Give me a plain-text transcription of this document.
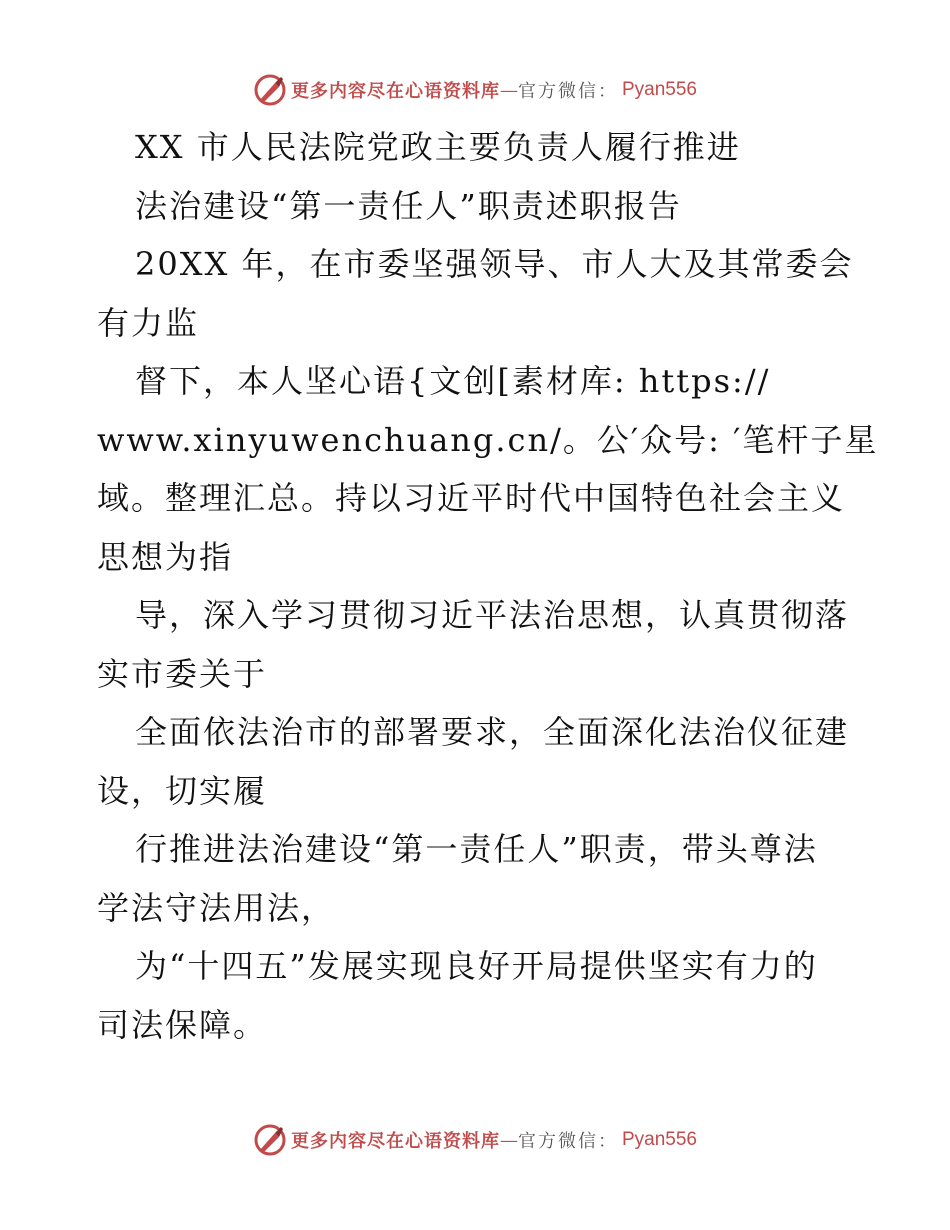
更多内容尽在心语资料库 — 官方微信： Pyan556
XX 市人民法院党政主要负责人履行推进
法治建设“第一责任人”职责述职报告
20XX 年，在市委坚强领导、市人大及其常委会
有力监
督下，本人坚心语{文创[素材库: https://
www.xinyuwenchuang.cn/。公′众号: ′笔杆子星
域。整理汇总。持以习近平时代中国特色社会主义
思想为指
导，深入学习贯彻习近平法治思想，认真贯彻落
实市委关于
全面依法治市的部署要求，全面深化法治仪征建
设，切实履
行推进法治建设“第一责任人”职责，带头尊法
学法守法用法，
为“十四五”发展实现良好开局提供坚实有力的
司法保障。
更多内容尽在心语资料库 — 官方微信： Pyan556
